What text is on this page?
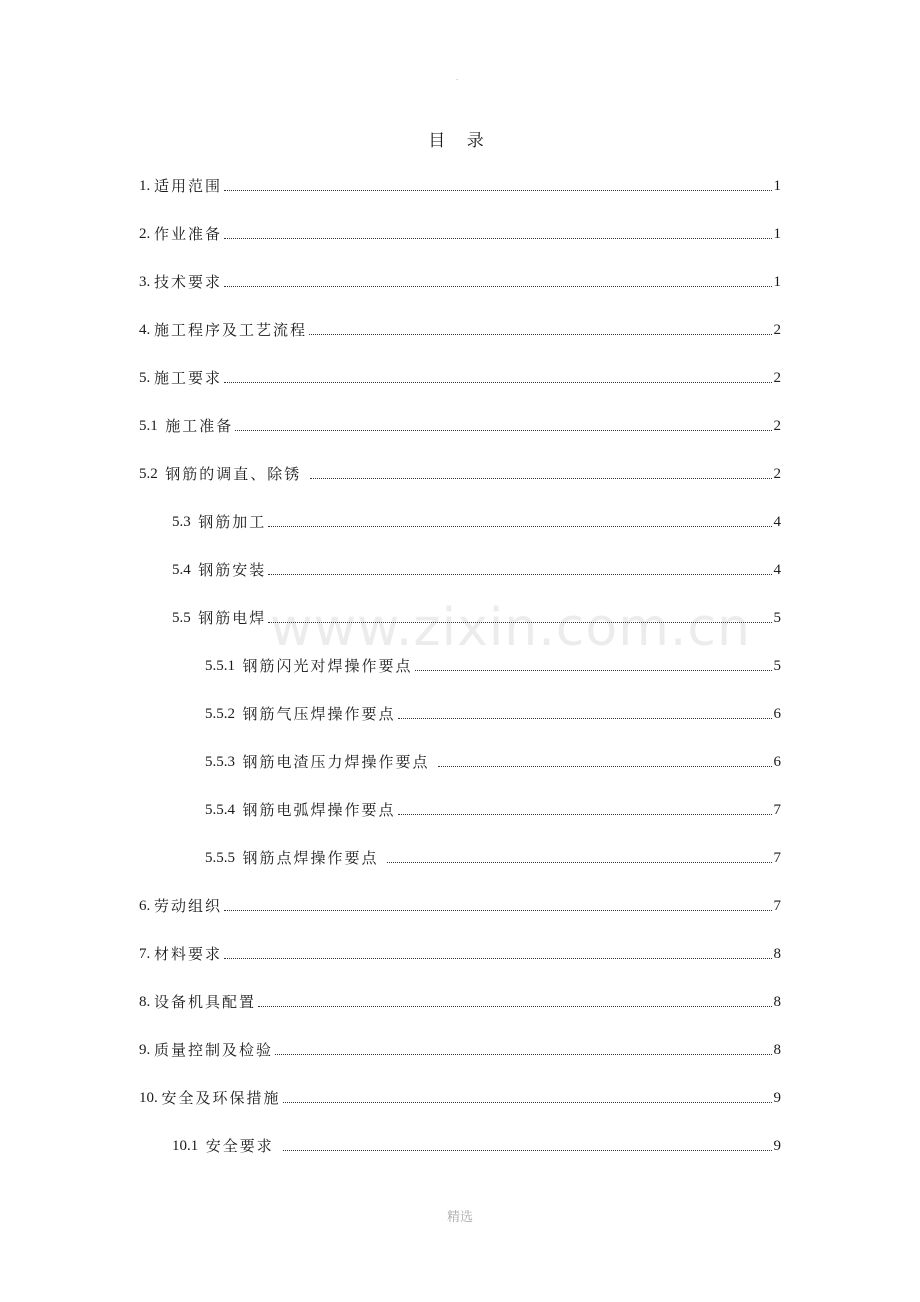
.
目 录
www.zixin.com.cn
1. 适用范围	1
2. 作业准备	1
3. 技术要求	1
4. 施工程序及工艺流程	2
5. 施工要求	2
5.1 施工准备	2
5.2 钢筋的调直、除锈	2
5.3 钢筋加工	4
5.4 钢筋安装	4
5.5 钢筋电焊	5
5.5.1 钢筋闪光对焊操作要点	5
5.5.2 钢筋气压焊操作要点	6
5.5.3 钢筋电渣压力焊操作要点	6
5.5.4 钢筋电弧焊操作要点	7
5.5.5 钢筋点焊操作要点	7
6. 劳动组织	7
7. 材料要求	8
8. 设备机具配置	8
9. 质量控制及检验	8
10. 安全及环保措施	9
10.1 安全要求	9
精选
